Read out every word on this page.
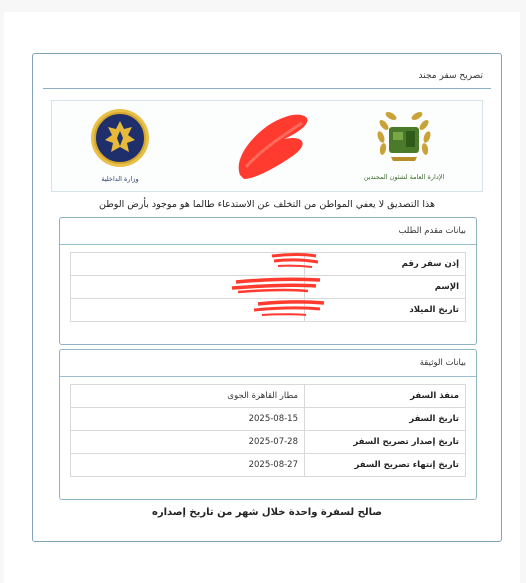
تصريح سفر مجند
وزارة الداخلية	الإدارة العامة لشئون المجندين
هذا التصديق لا يعفي المواطن من التخلف عن الاستدعاء طالما هو موجود بأرض الوطن
بيانات مقدم الطلب
إذن سفر رقم	
الإسم	
تاريخ الميلاد	
بيانات الوثيقة
منفذ السفر	مطار القاهرة الجوى
تاريخ السفر	2025-08-15
تاريخ إصدار تصريح السفر	2025-07-28
تاريخ إنتهاء تصريح السفر	2025-08-27
صالح لسفرة واحدة خلال شهر من تاريخ إصداره
